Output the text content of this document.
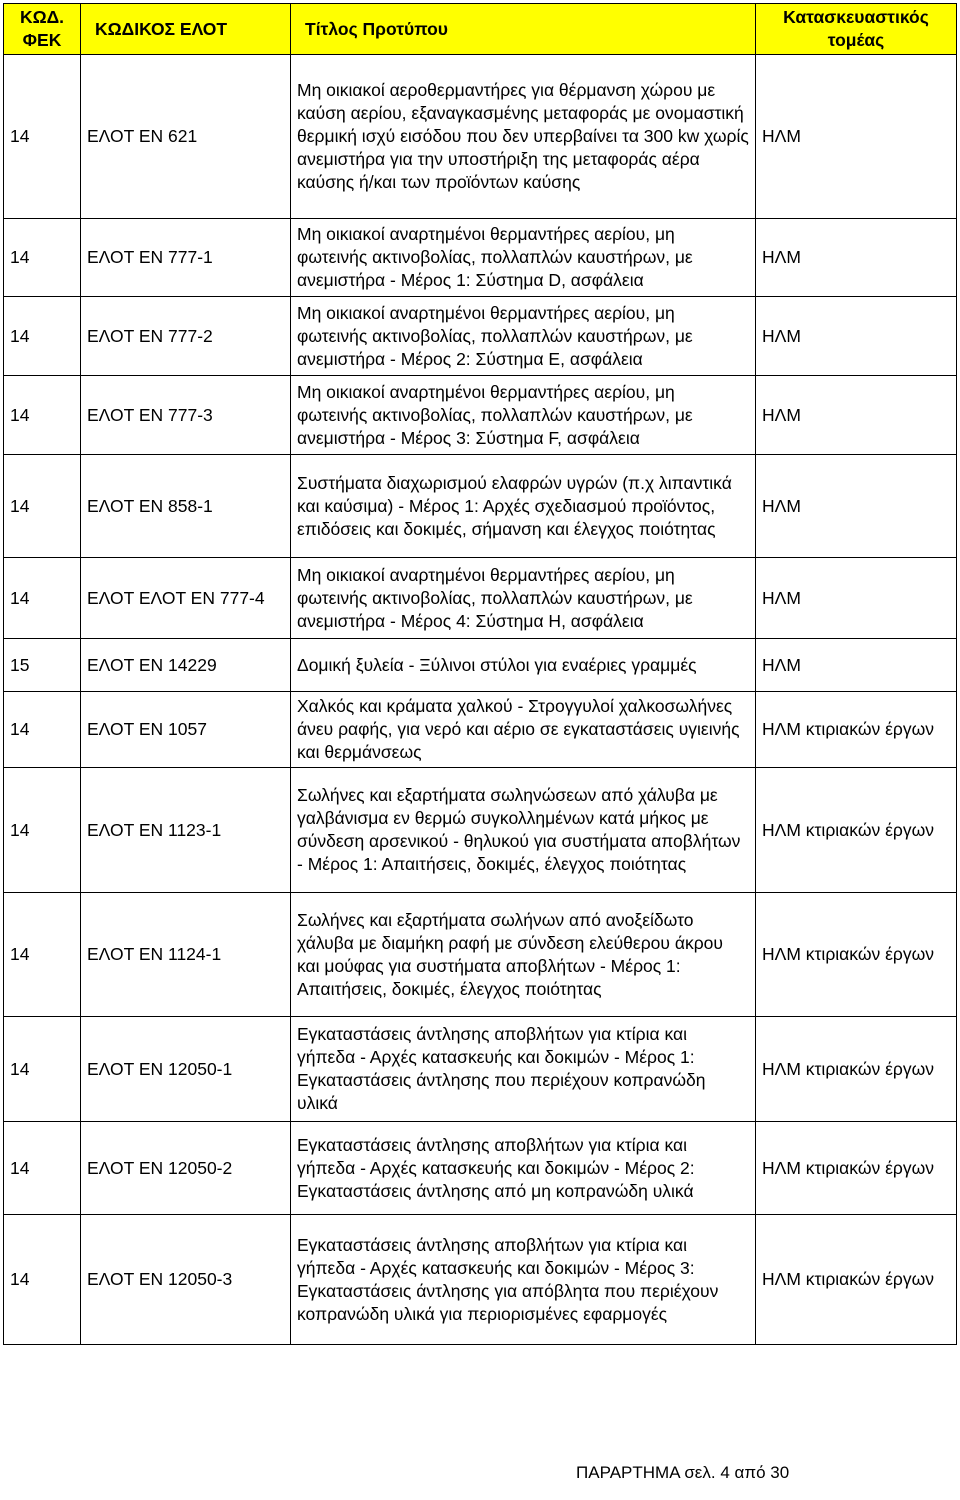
ΚΩΔ. ΦΕΚ	ΚΩΔΙΚΟΣ ΕΛΟΤ	Τίτλος Προτύπου	Κατασκευαστικός τομέας
14	ΕΛΟΤ ΕΝ 621	Μη οικιακοί αεροθερμαντήρες για θέρμανση χώρου με καύση αερίου, εξαναγκασμένης μεταφοράς με ονομαστική θερμική ισχύ εισόδου που δεν υπερβαίνει τα 300 kw χωρίς ανεμιστήρα για την υποστήριξη της μεταφοράς αέρα καύσης ή/και των προϊόντων καύσης	ΗΛΜ
14	ΕΛΟΤ ΕΝ 777-1	Μη οικιακοί αναρτημένοι θερμαντήρες αερίου, μη φωτεινής ακτινοβολίας, πολλαπλών καυστήρων, με ανεμιστήρα - Μέρος 1: Σύστημα D, ασφάλεια	ΗΛΜ
14	ΕΛΟΤ ΕΝ 777-2	Μη οικιακοί αναρτημένοι θερμαντήρες αερίου, μη φωτεινής ακτινοβολίας, πολλαπλών καυστήρων, με ανεμιστήρα - Μέρος 2: Σύστημα Ε, ασφάλεια	ΗΛΜ
14	ΕΛΟΤ ΕΝ 777-3	Μη οικιακοί αναρτημένοι θερμαντήρες αερίου, μη φωτεινής ακτινοβολίας, πολλαπλών καυστήρων, με ανεμιστήρα - Μέρος 3: Σύστημα F, ασφάλεια	ΗΛΜ
14	ΕΛΟΤ ΕΝ 858-1	Συστήματα διαχωρισμού ελαφρών υγρών (π.χ λιπαντικά και καύσιμα) - Μέρος 1: Αρχές σχεδιασμού προϊόντος, επιδόσεις και δοκιμές, σήμανση και έλεγχος ποιότητας	ΗΛΜ
14	ΕΛΟΤ ΕΛΟΤ ΕΝ 777-4	Μη οικιακοί αναρτημένοι θερμαντήρες αερίου, μη φωτεινής ακτινοβολίας, πολλαπλών καυστήρων, με ανεμιστήρα - Μέρος 4: Σύστημα Η, ασφάλεια	ΗΛΜ
15	ΕΛΟΤ ΕΝ 14229	Δομική ξυλεία - Ξύλινοι στύλοι για εναέριες γραμμές	ΗΛΜ
14	ΕΛΟΤ ΕΝ 1057	Χαλκός και κράματα χαλκού - Στρογγυλοί χαλκοσωλήνες άνευ ραφής, για νερό και αέριο σε εγκαταστάσεις υγιεινής και θερμάνσεως	ΗΛΜ κτιριακών έργων
14	ΕΛΟΤ ΕΝ 1123-1	Σωλήνες και εξαρτήματα σωληνώσεων από χάλυβα με γαλβάνισμα εν θερμώ συγκολλημένων κατά μήκος με σύνδεση αρσενικού - θηλυκού για συστήματα αποβλήτων - Μέρος 1: Απαιτήσεις, δοκιμές, έλεγχος ποιότητας	ΗΛΜ κτιριακών έργων
14	ΕΛΟΤ ΕΝ 1124-1	Σωλήνες και εξαρτήματα σωλήνων από ανοξείδωτο χάλυβα με διαμήκη ραφή με σύνδεση ελεύθερου άκρου και μούφας για συστήματα αποβλήτων - Μέρος 1: Απαιτήσεις, δοκιμές, έλεγχος ποιότητας	ΗΛΜ κτιριακών έργων
14	ΕΛΟΤ ΕΝ 12050-1	Εγκαταστάσεις άντλησης αποβλήτων για κτίρια και γήπεδα - Αρχές κατασκευής και δοκιμών - Μέρος 1: Εγκαταστάσεις άντλησης που περιέχουν κοπρανώδη υλικά	ΗΛΜ κτιριακών έργων
14	ΕΛΟΤ ΕΝ 12050-2	Εγκαταστάσεις άντλησης αποβλήτων για κτίρια και γήπεδα - Αρχές κατασκευής και δοκιμών - Μέρος 2: Εγκαταστάσεις άντλησης από μη κοπρανώδη υλικά	ΗΛΜ κτιριακών έργων
14	ΕΛΟΤ ΕΝ 12050-3	Εγκαταστάσεις άντλησης αποβλήτων για κτίρια και γήπεδα - Αρχές κατασκευής και δοκιμών - Μέρος 3: Εγκαταστάσεις άντλησης για απόβλητα που περιέχουν κοπρανώδη υλικά για περιορισμένες εφαρμογές	ΗΛΜ κτιριακών έργων
ΠΑΡΑΡΤΗΜΑ σελ. 4 από 30
